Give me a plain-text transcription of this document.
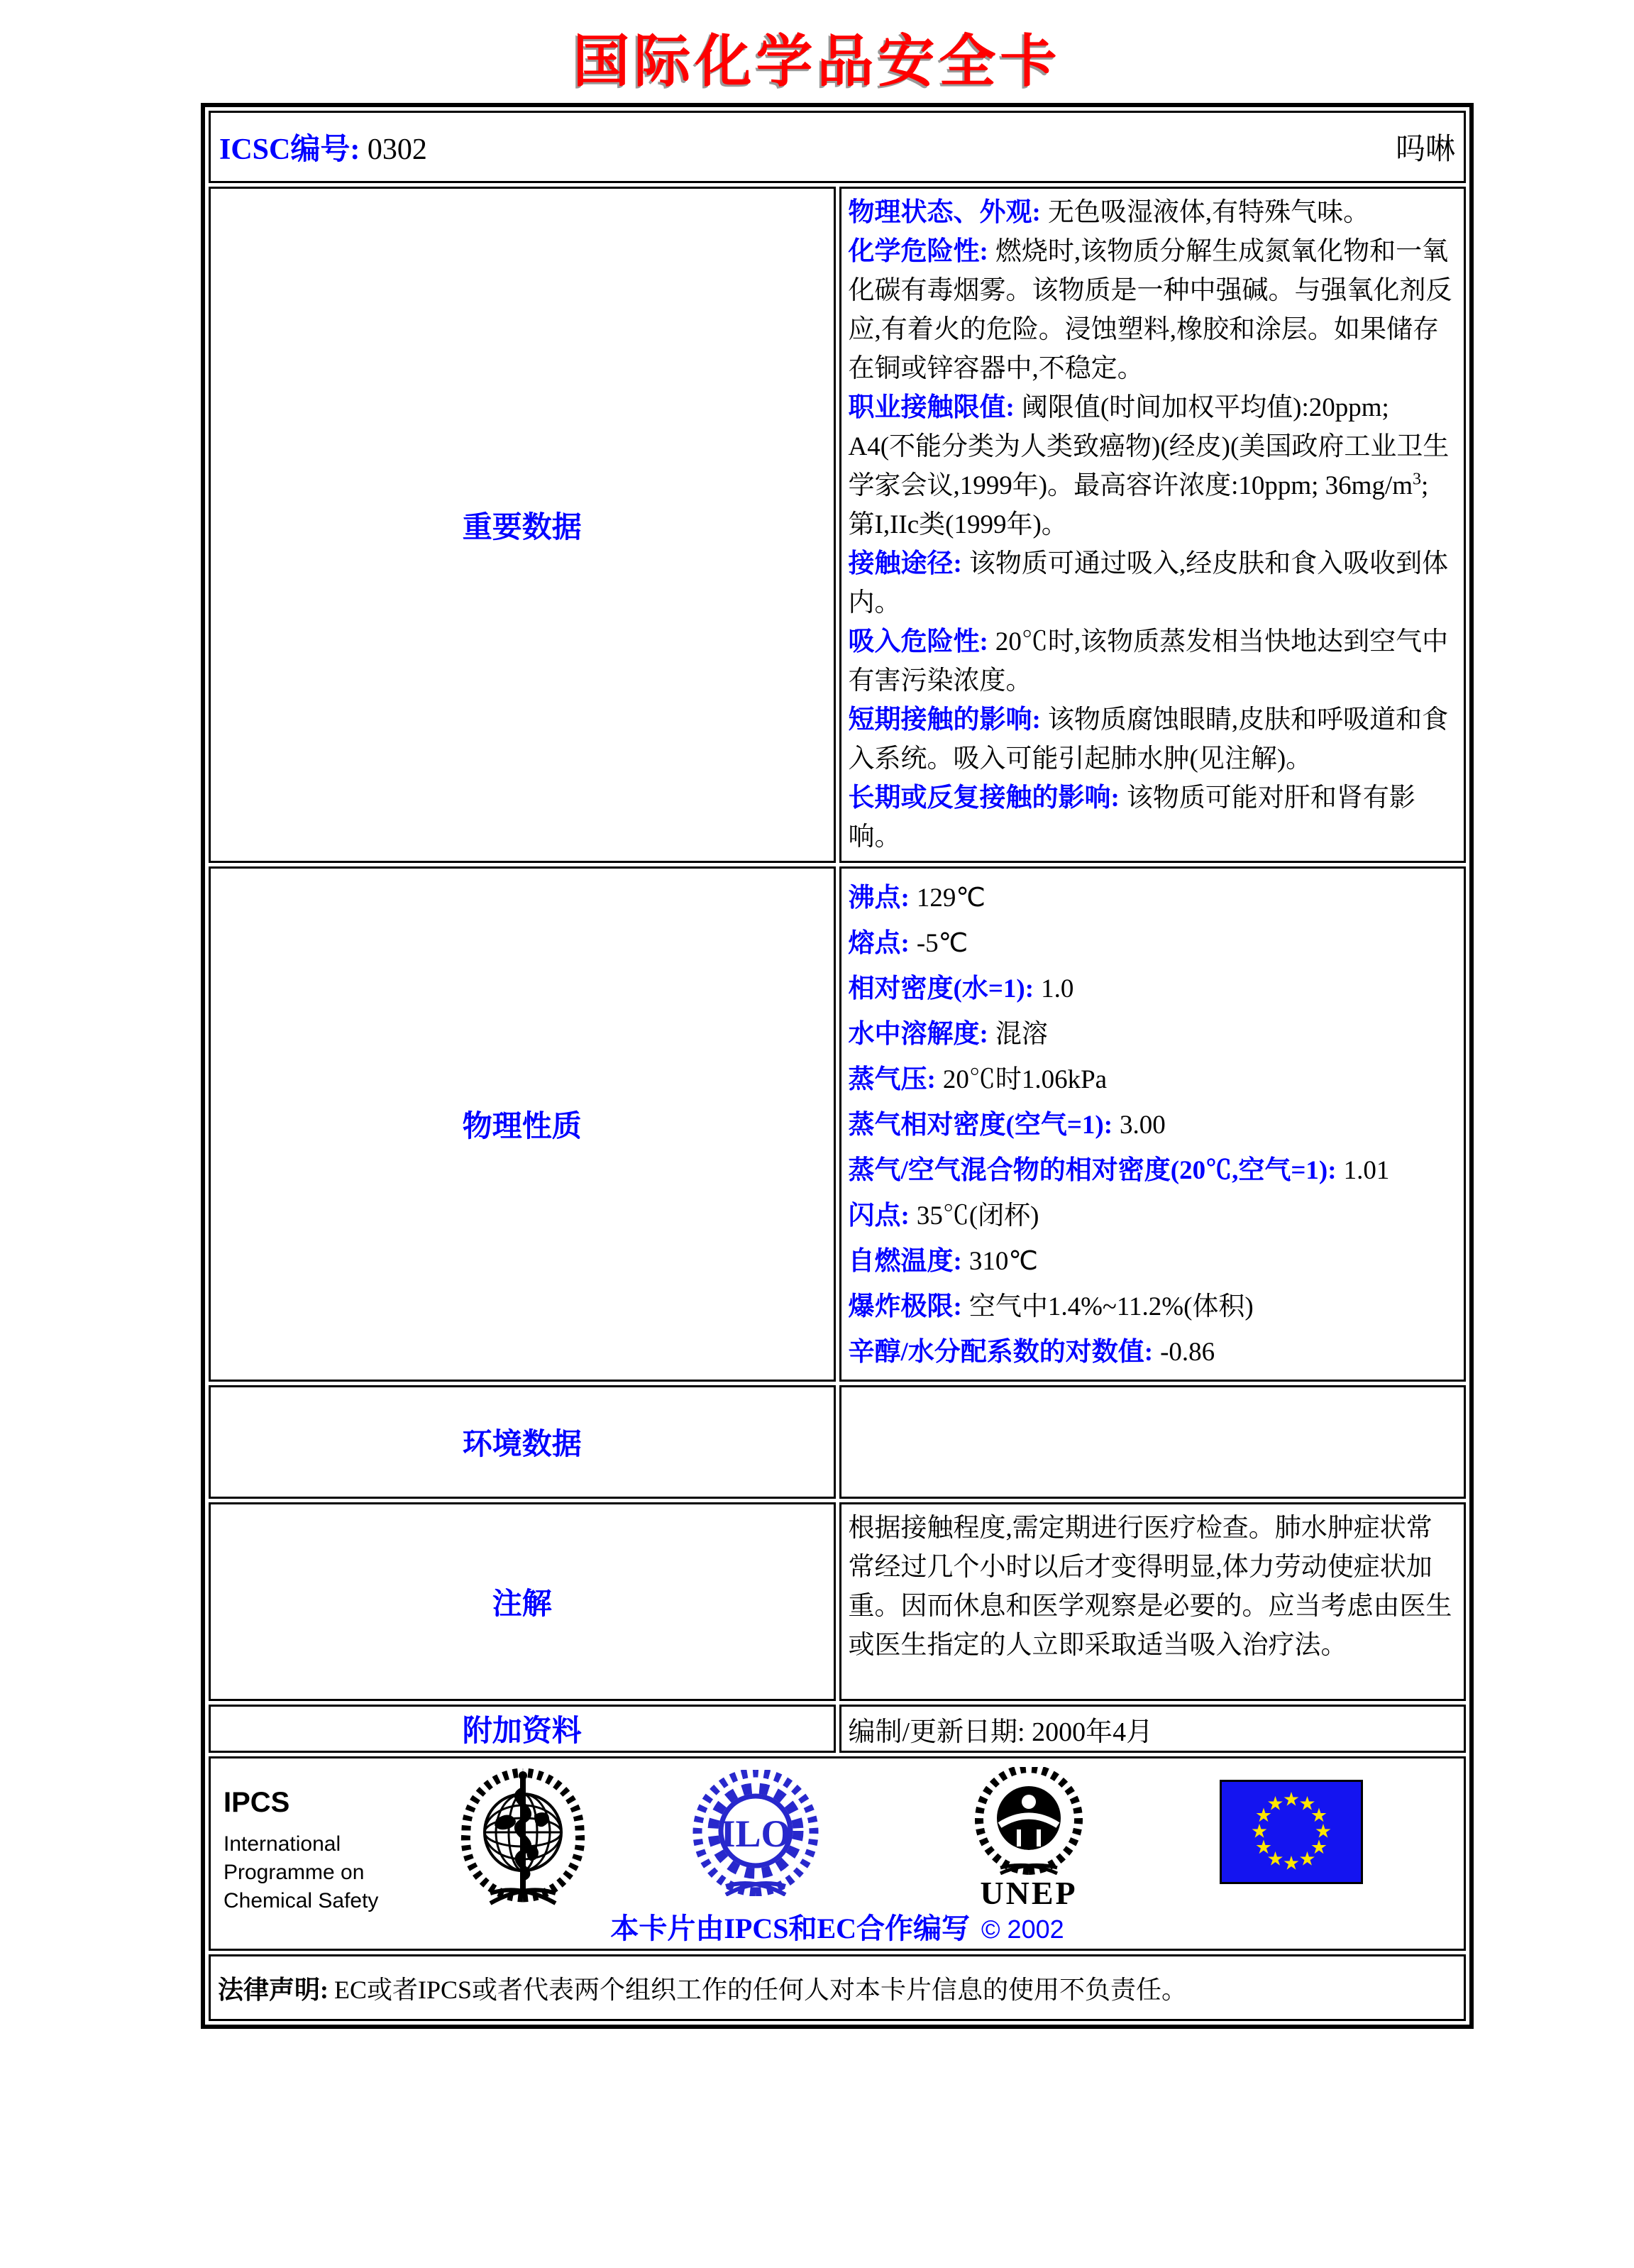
国际化学品安全卡
ICSC编号: 0302 吗啉	

重要数据	
物理状态、外观: 无色吸湿液体,有特殊气味。
化学危险性: 燃烧时,该物质分解生成氮氧化物和一氧化碳有毒烟雾。该物质是一种中强碱。与强氧化剂反应,有着火的危险。浸蚀塑料,橡胶和涂层。如果储存在铜或锌容器中,不稳定。
职业接触限值: 阈限值(时间加权平均值):20ppm; A4(不能分类为人类致癌物)(经皮)(美国政府工业卫生学家会议,1999年)。最高容许浓度:10ppm; $36mg/m^3$; 第I,IIc类(1999年)。
接触途径: 该物质可通过吸入,经皮肤和食入吸收到体内。
吸入危险性: 20℃时,该物质蒸发相当快地达到空气中有害污染浓度。
短期接触的影响: 该物质腐蚀眼睛,皮肤和呼吸道和食入系统。吸入可能引起肺水肿(见注解)。
长期或反复接触的影响: 该物质可能对肝和肾有影响。

物理性质	
沸点: 129℃
熔点: -5℃
相对密度(水=1): 1.0
水中溶解度: 混溶
蒸气压: 20℃时1.06kPa
蒸气相对密度(空气=1): 3.00
蒸气/空气混合物的相对密度(20℃,空气=1): 1.01
闪点: 35℃(闭杯)
自燃温度: 310℃
爆炸极限: 空气中1.4%~11.2%(体积)
辛醇/水分配系数的对数值: -0.86

环境数据	
注解	根据接触程度,需定期进行医疗检查。肺水肿症状常常经过几个小时以后才变得明显,体力劳动使症状加重。因而休息和医学观察是必要的。应当考虑由医生或医生指定的人立即采取适当吸入治疗法。
附加资料	编制/更新日期: 2000年4月

IPCS
International
Programme on
Chemical Safety
ILO
UNEP
★
★
★
★
★
★
★
★
★
★
★
★
本卡片由IPCS和EC合作编写 © 2002

法律声明: EC或者IPCS或者代表两个组织工作的任何人对本卡片信息的使用不负责任。	
